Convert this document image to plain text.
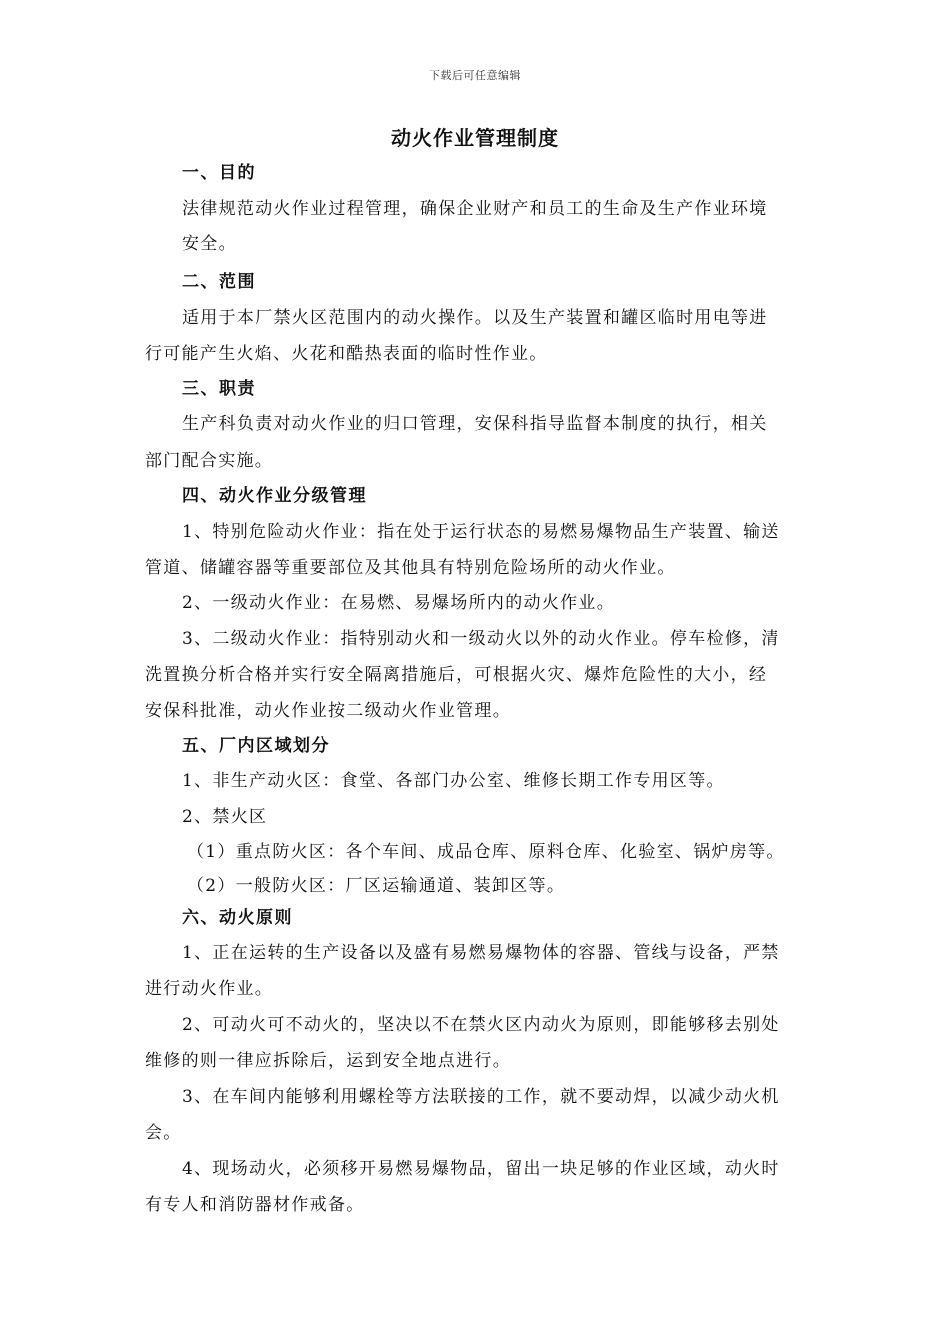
下载后可任意编辑
动火作业管理制度
一、目的
法律规范动火作业过程管理，确保企业财产和员工的生命及生产作业环境
安全。
二、范围
适用于本厂禁火区范围内的动火操作。以及生产装置和罐区临时用电等进
行可能产生火焰、火花和酷热表面的临时性作业。
三、职责
生产科负责对动火作业的归口管理，安保科指导监督本制度的执行，相关
部门配合实施。
四、动火作业分级管理
1、特别危险动火作业：指在处于运行状态的易燃易爆物品生产装置、输送
管道、储罐容器等重要部位及其他具有特别危险场所的动火作业。
2、一级动火作业：在易燃、易爆场所内的动火作业。
3、二级动火作业：指特别动火和一级动火以外的动火作业。停车检修，清
洗置换分析合格并实行安全隔离措施后，可根据火灾、爆炸危险性的大小，经
安保科批准，动火作业按二级动火作业管理。
五、厂内区域划分
1、非生产动火区：食堂、各部门办公室、维修长期工作专用区等。
2、禁火区
（1）重点防火区：各个车间、成品仓库、原料仓库、化验室、锅炉房等。
（2）一般防火区：厂区运输通道、装卸区等。
六、动火原则
1、正在运转的生产设备以及盛有易燃易爆物体的容器、管线与设备，严禁
进行动火作业。
2、可动火可不动火的，坚决以不在禁火区内动火为原则，即能够移去别处
维修的则一律应拆除后，运到安全地点进行。
3、在车间内能够利用螺栓等方法联接的工作，就不要动焊，以减少动火机
会。
4、现场动火，必须移开易燃易爆物品，留出一块足够的作业区域，动火时
有专人和消防器材作戒备。
